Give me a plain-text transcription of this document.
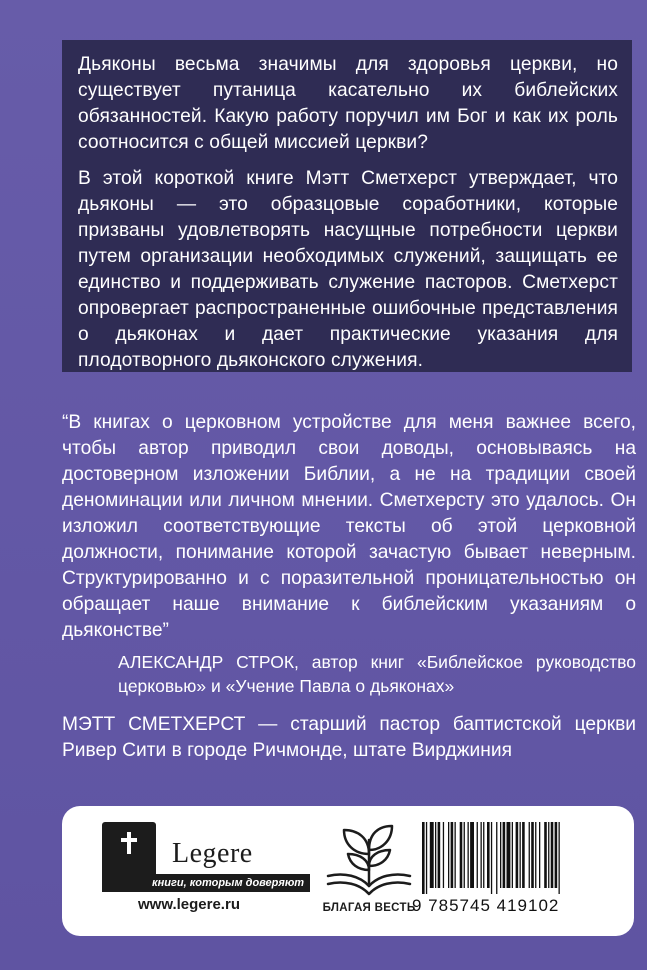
Дьяконы весьма значимы для здоровья церкви, но существует путаница касательно их библейских обязанностей. Какую работу поручил им Бог и как их роль соотносится с общей миссией церкви?

В этой короткой книге Мэтт Сметхерст утверждает, что дьяконы — это образцовые соработники, которые призваны удовлетворять насущные потребности церкви путем организации необходимых служений, защищать ее единство и поддерживать служение пасторов. Сметхерст опровергает распространенные ошибочные представления о дьяконах и дает практические указания для плодотворного дьяконского служения.

“В книгах о церковном устройстве для меня важнее всего, чтобы автор приводил свои доводы, основываясь на достоверном изложении Библии, а не на традиции своей деноминации или личном мнении. Сметхерсту это удалось. Он изложил соответствующие тексты об этой церковной должности, понимание которой зачастую бывает неверным. Структурированно и с поразительной проницательностью он обращает наше внимание к библейским указаниям о дьяконстве”

АЛЕКСАНДР СТРОК, автор книг «Библейское руководство церковью» и «Учение Павла о дьяконах»
МЭТТ СМЕТХЕРСТ — старший пастор баптистской церкви Ривер Сити в городе Ричмонде, штате Вирджиния
Legere
книги, которым доверяют
www.legere.ru	БЛАГАЯ ВЕСТЬ
9 785745 419102
